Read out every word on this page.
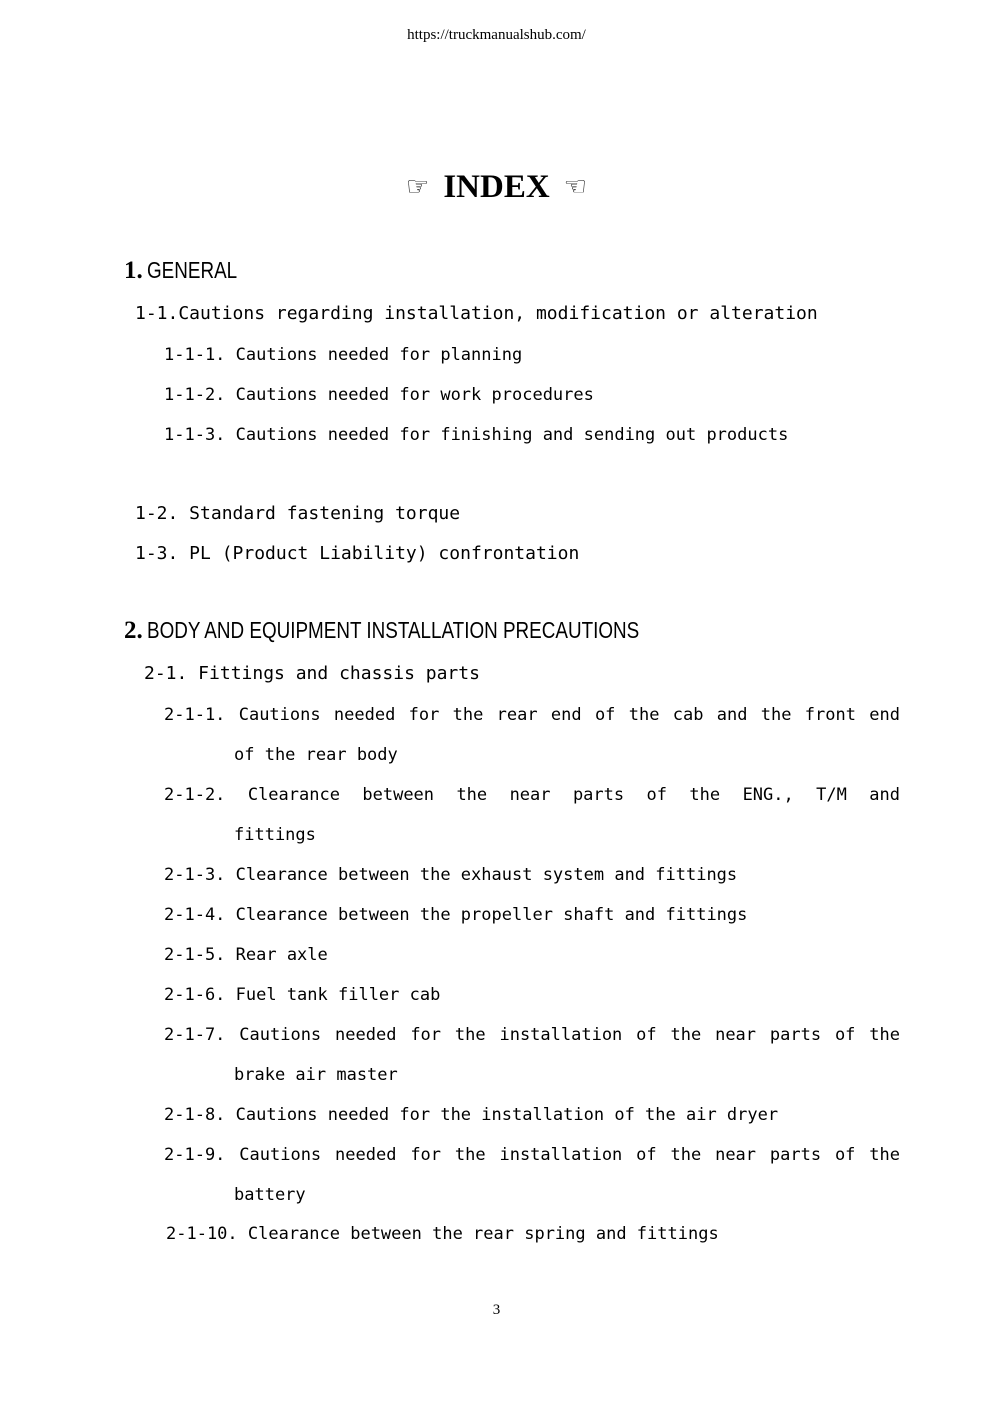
https://truckmanualshub.com/
☞ INDEX ☜
1. GENERAL
1-1.Cautions regarding installation, modification or alteration
1-1-1. Cautions needed for planning
1-1-2. Cautions needed for work procedures
1-1-3. Cautions needed for finishing and sending out products
1-2. Standard fastening torque
1-3. PL (Product Liability) confrontation
2. BODY AND EQUIPMENT INSTALLATION PRECAUTIONS
2-1. Fittings and chassis parts
2-1-1. Cautions needed for the rear end of the cab and the front end
of the rear body
2-1-2. Clearance between the near parts of the ENG., T/M and
fittings
2-1-3. Clearance between the exhaust system and fittings
2-1-4. Clearance between the propeller shaft and fittings
2-1-5. Rear axle
2-1-6. Fuel tank filler cab
2-1-7. Cautions needed for the installation of the near parts of the
brake air master
2-1-8. Cautions needed for the installation of the air dryer
2-1-9. Cautions needed for the installation of the near parts of the
battery
2-1-10. Clearance between the rear spring and fittings
3
